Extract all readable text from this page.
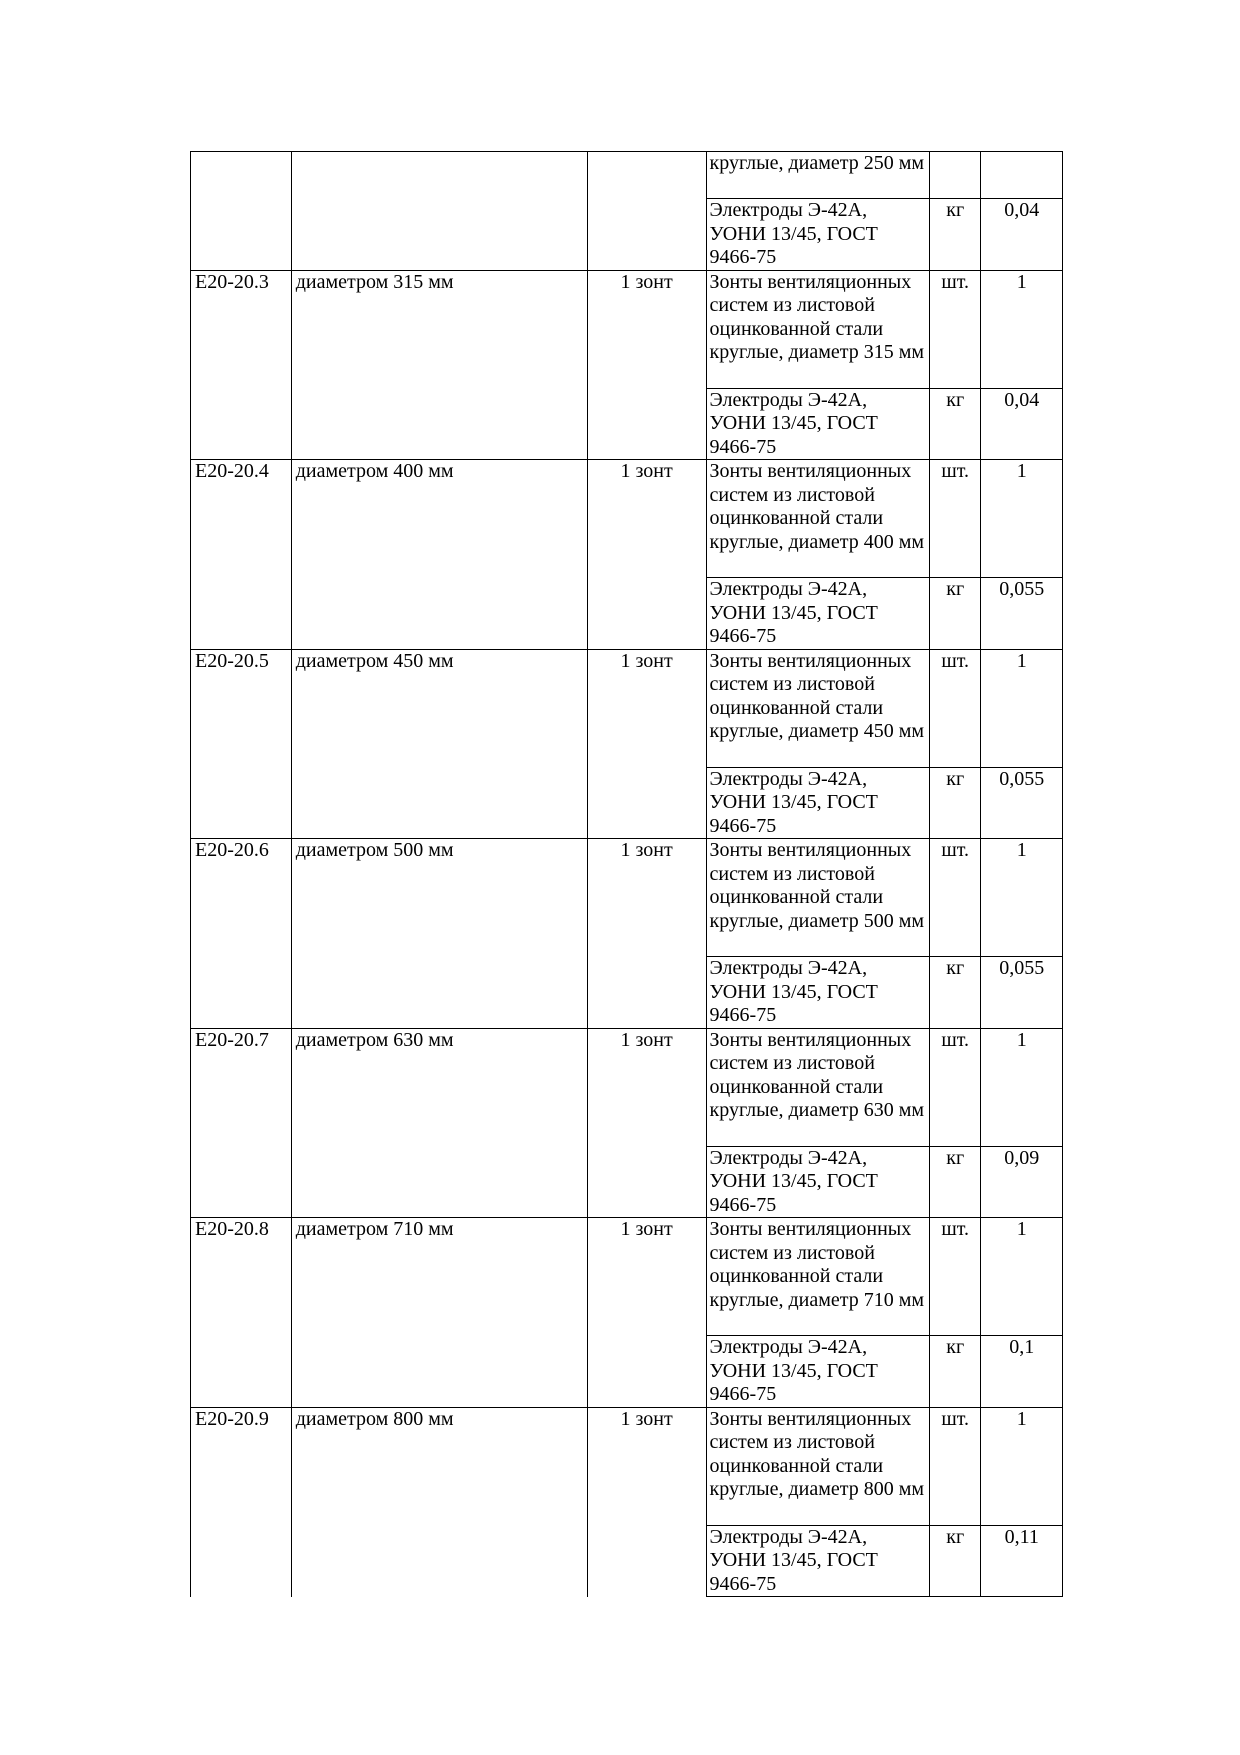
			круглые, диаметр 250 мм		
			Электроды Э-42А, УОНИ 13/45, ГОСТ 9466-75	кг	0,04
Е20-20.3	диаметром 315 мм	1 зонт	Зонты вентиляционных систем из листовой оцинкованной стали круглые, диаметр 315 мм	шт.	1
			Электроды Э-42А, УОНИ 13/45, ГОСТ 9466-75	кг	0,04
Е20-20.4	диаметром 400 мм	1 зонт	Зонты вентиляционных систем из листовой оцинкованной стали круглые, диаметр 400 мм	шт.	1
			Электроды Э-42А, УОНИ 13/45, ГОСТ 9466-75	кг	0,055
Е20-20.5	диаметром 450 мм	1 зонт	Зонты вентиляционных систем из листовой оцинкованной стали круглые, диаметр 450 мм	шт.	1
			Электроды Э-42А, УОНИ 13/45, ГОСТ 9466-75	кг	0,055
Е20-20.6	диаметром 500 мм	1 зонт	Зонты вентиляционных систем из листовой оцинкованной стали круглые, диаметр 500 мм	шт.	1
			Электроды Э-42А, УОНИ 13/45, ГОСТ 9466-75	кг	0,055
Е20-20.7	диаметром 630 мм	1 зонт	Зонты вентиляционных систем из листовой оцинкованной стали круглые, диаметр 630 мм	шт.	1
			Электроды Э-42А, УОНИ 13/45, ГОСТ 9466-75	кг	0,09
Е20-20.8	диаметром 710 мм	1 зонт	Зонты вентиляционных систем из листовой оцинкованной стали круглые, диаметр 710 мм	шт.	1
			Электроды Э-42А, УОНИ 13/45, ГОСТ 9466-75	кг	0,1
Е20-20.9	диаметром 800 мм	1 зонт	Зонты вентиляционных систем из листовой оцинкованной стали круглые, диаметр 800 мм	шт.	1
			Электроды Э-42А, УОНИ 13/45, ГОСТ 9466-75	кг	0,11
